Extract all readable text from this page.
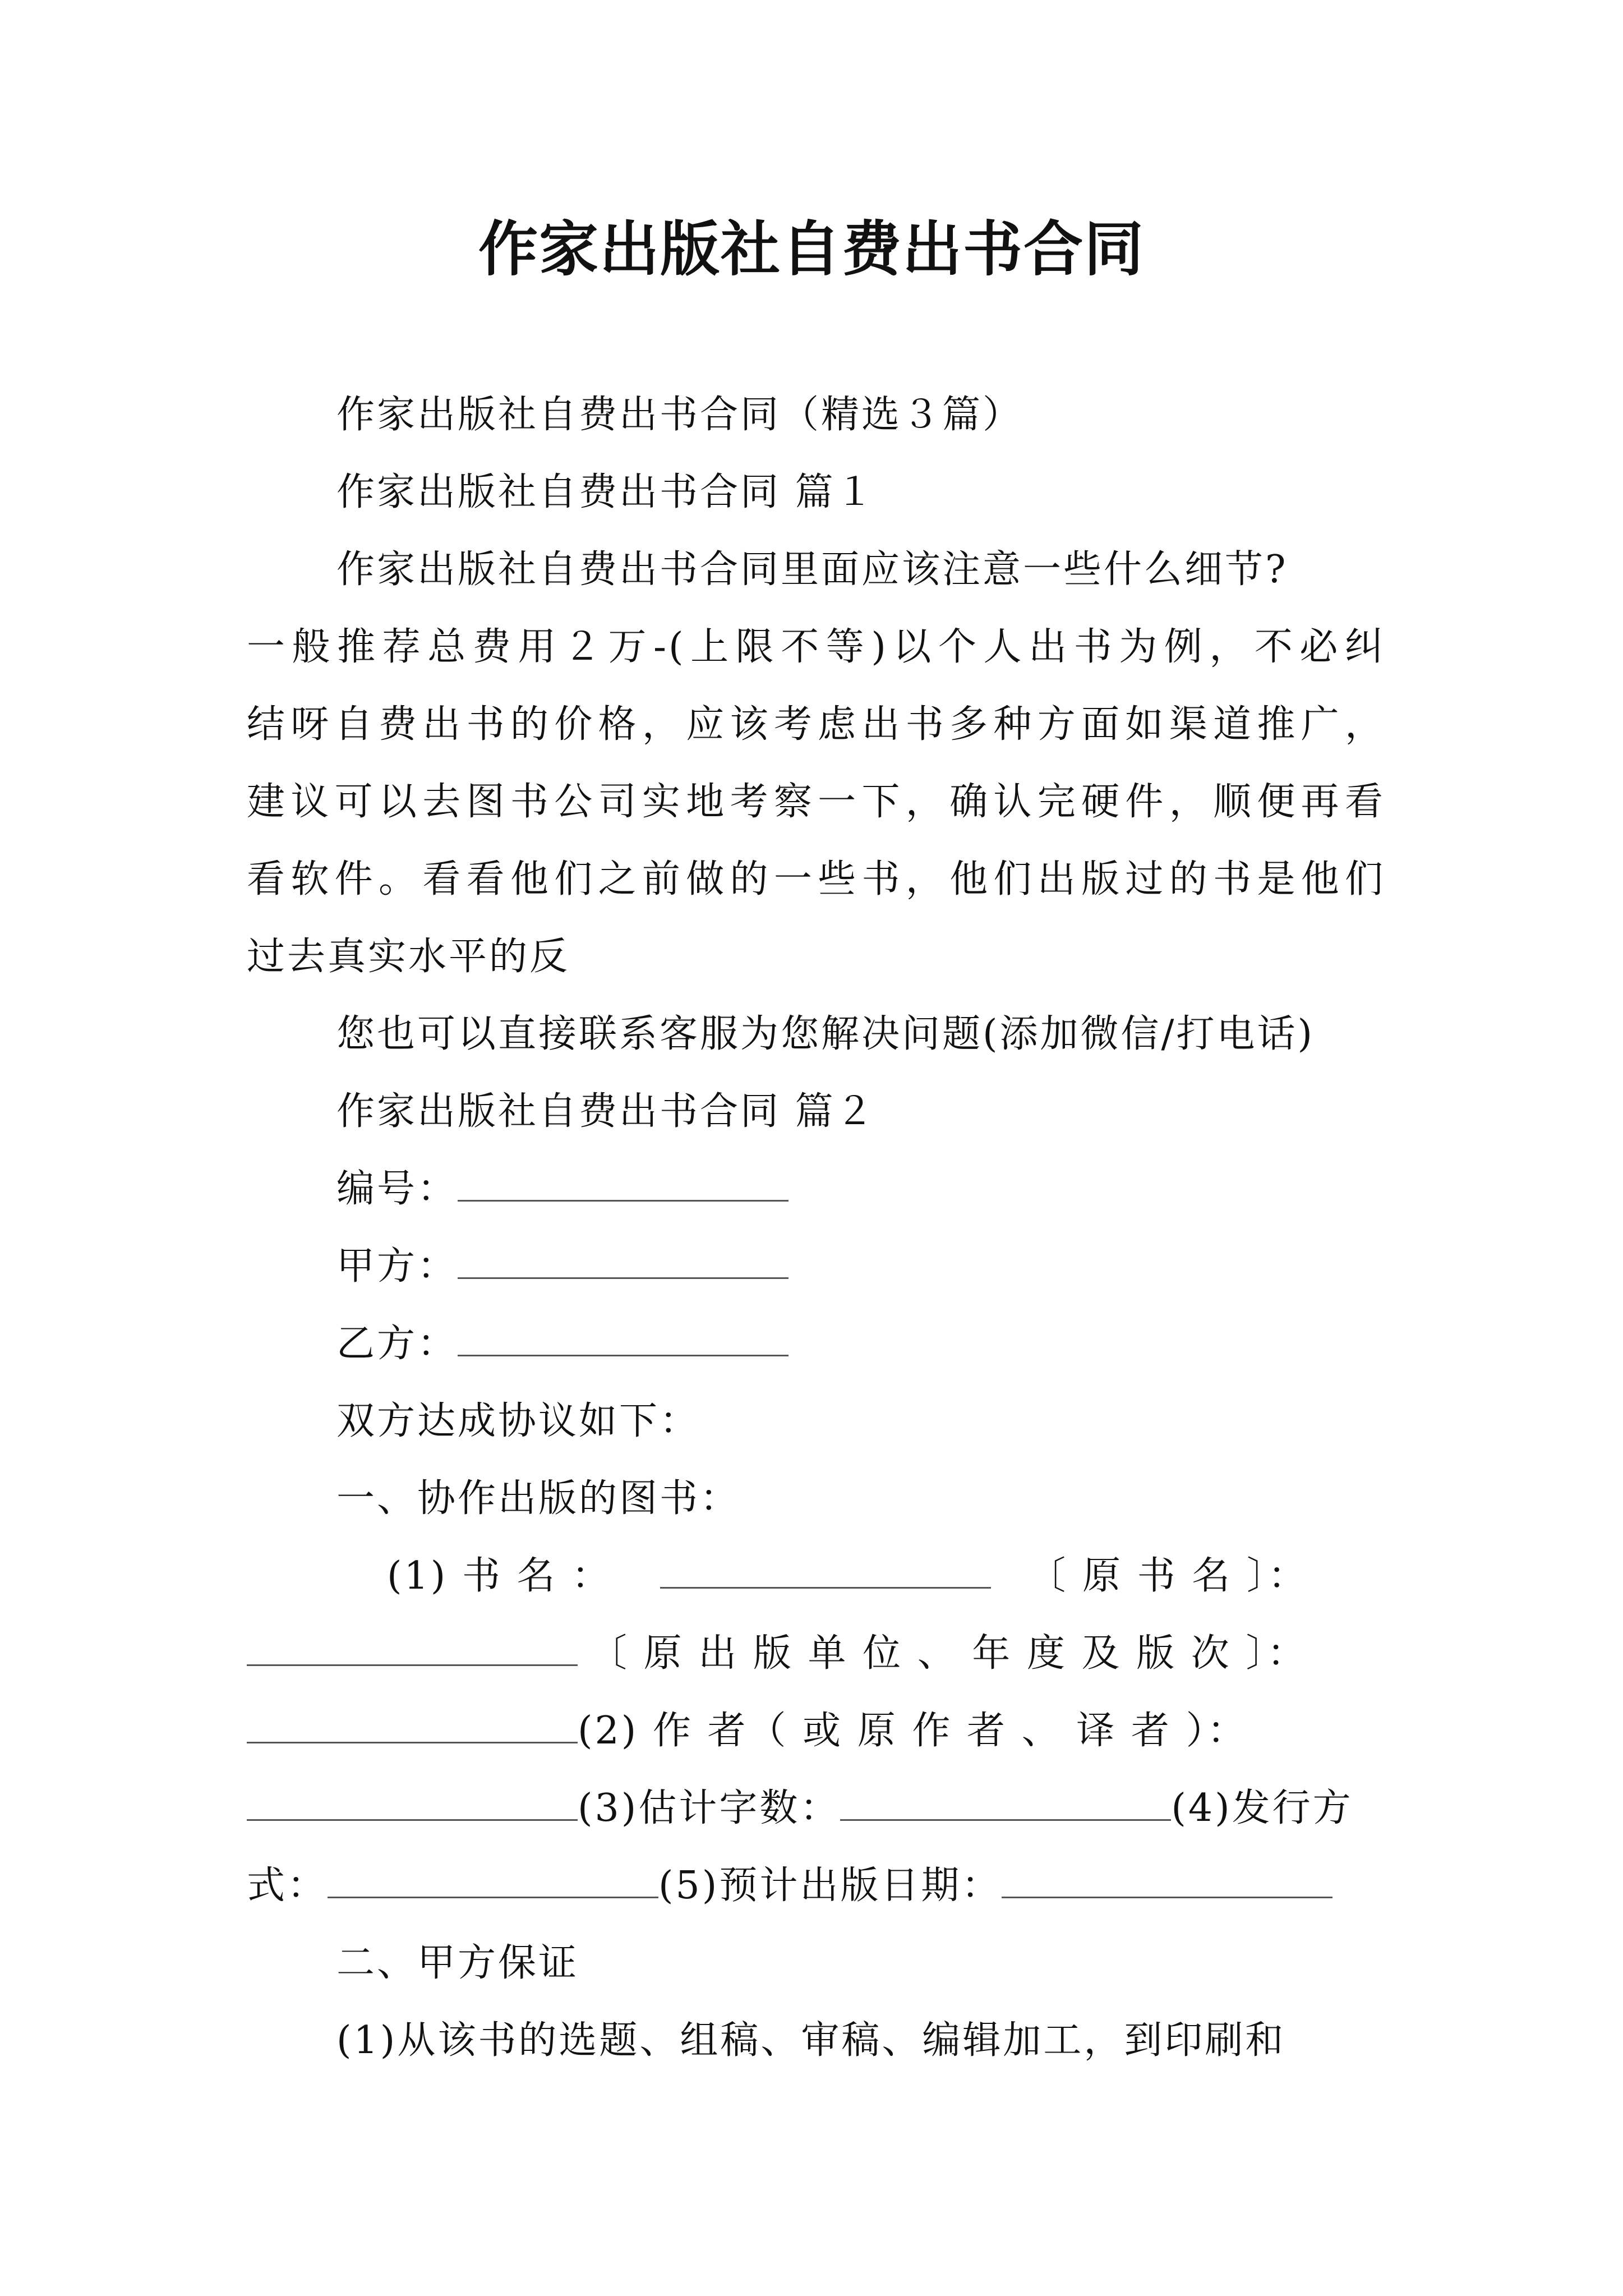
作家出版社自费出书合同
作家出版社自费出书合同（精选３篇）
作家出版社自费出书合同 篇１
作家出版社自费出书合同里面应该注意一些什么细节?
一般推荐总费用２万-(上限不等)以个人出书为例，不必纠
结呀自费出书的价格，应该考虑出书多种方面如渠道推广，
建议可以去图书公司实地考察一下，确认完硬件，顺便再看
看软件。看看他们之前做的一些书，他们出版过的书是他们
过去真实水平的反
您也可以直接联系客服为您解决问题(添加微信/打电话)
作家出版社自费出书合同 篇２
编号：
甲方：
乙方：
双方达成协议如下：
一、协作出版的图书：
(1) 书 名 ：	〔 原 书 名 〕：
〔 原 出 版 单 位 、 年 度 及 版 次 〕：
(2) 作 者（ 或 原 作 者 、 译 者 ）：
(3)估计字数：	(4)发行方
式：	(5)预计出版日期：
二、甲方保证
(1)从该书的选题、组稿、审稿、编辑加工，到印刷和
